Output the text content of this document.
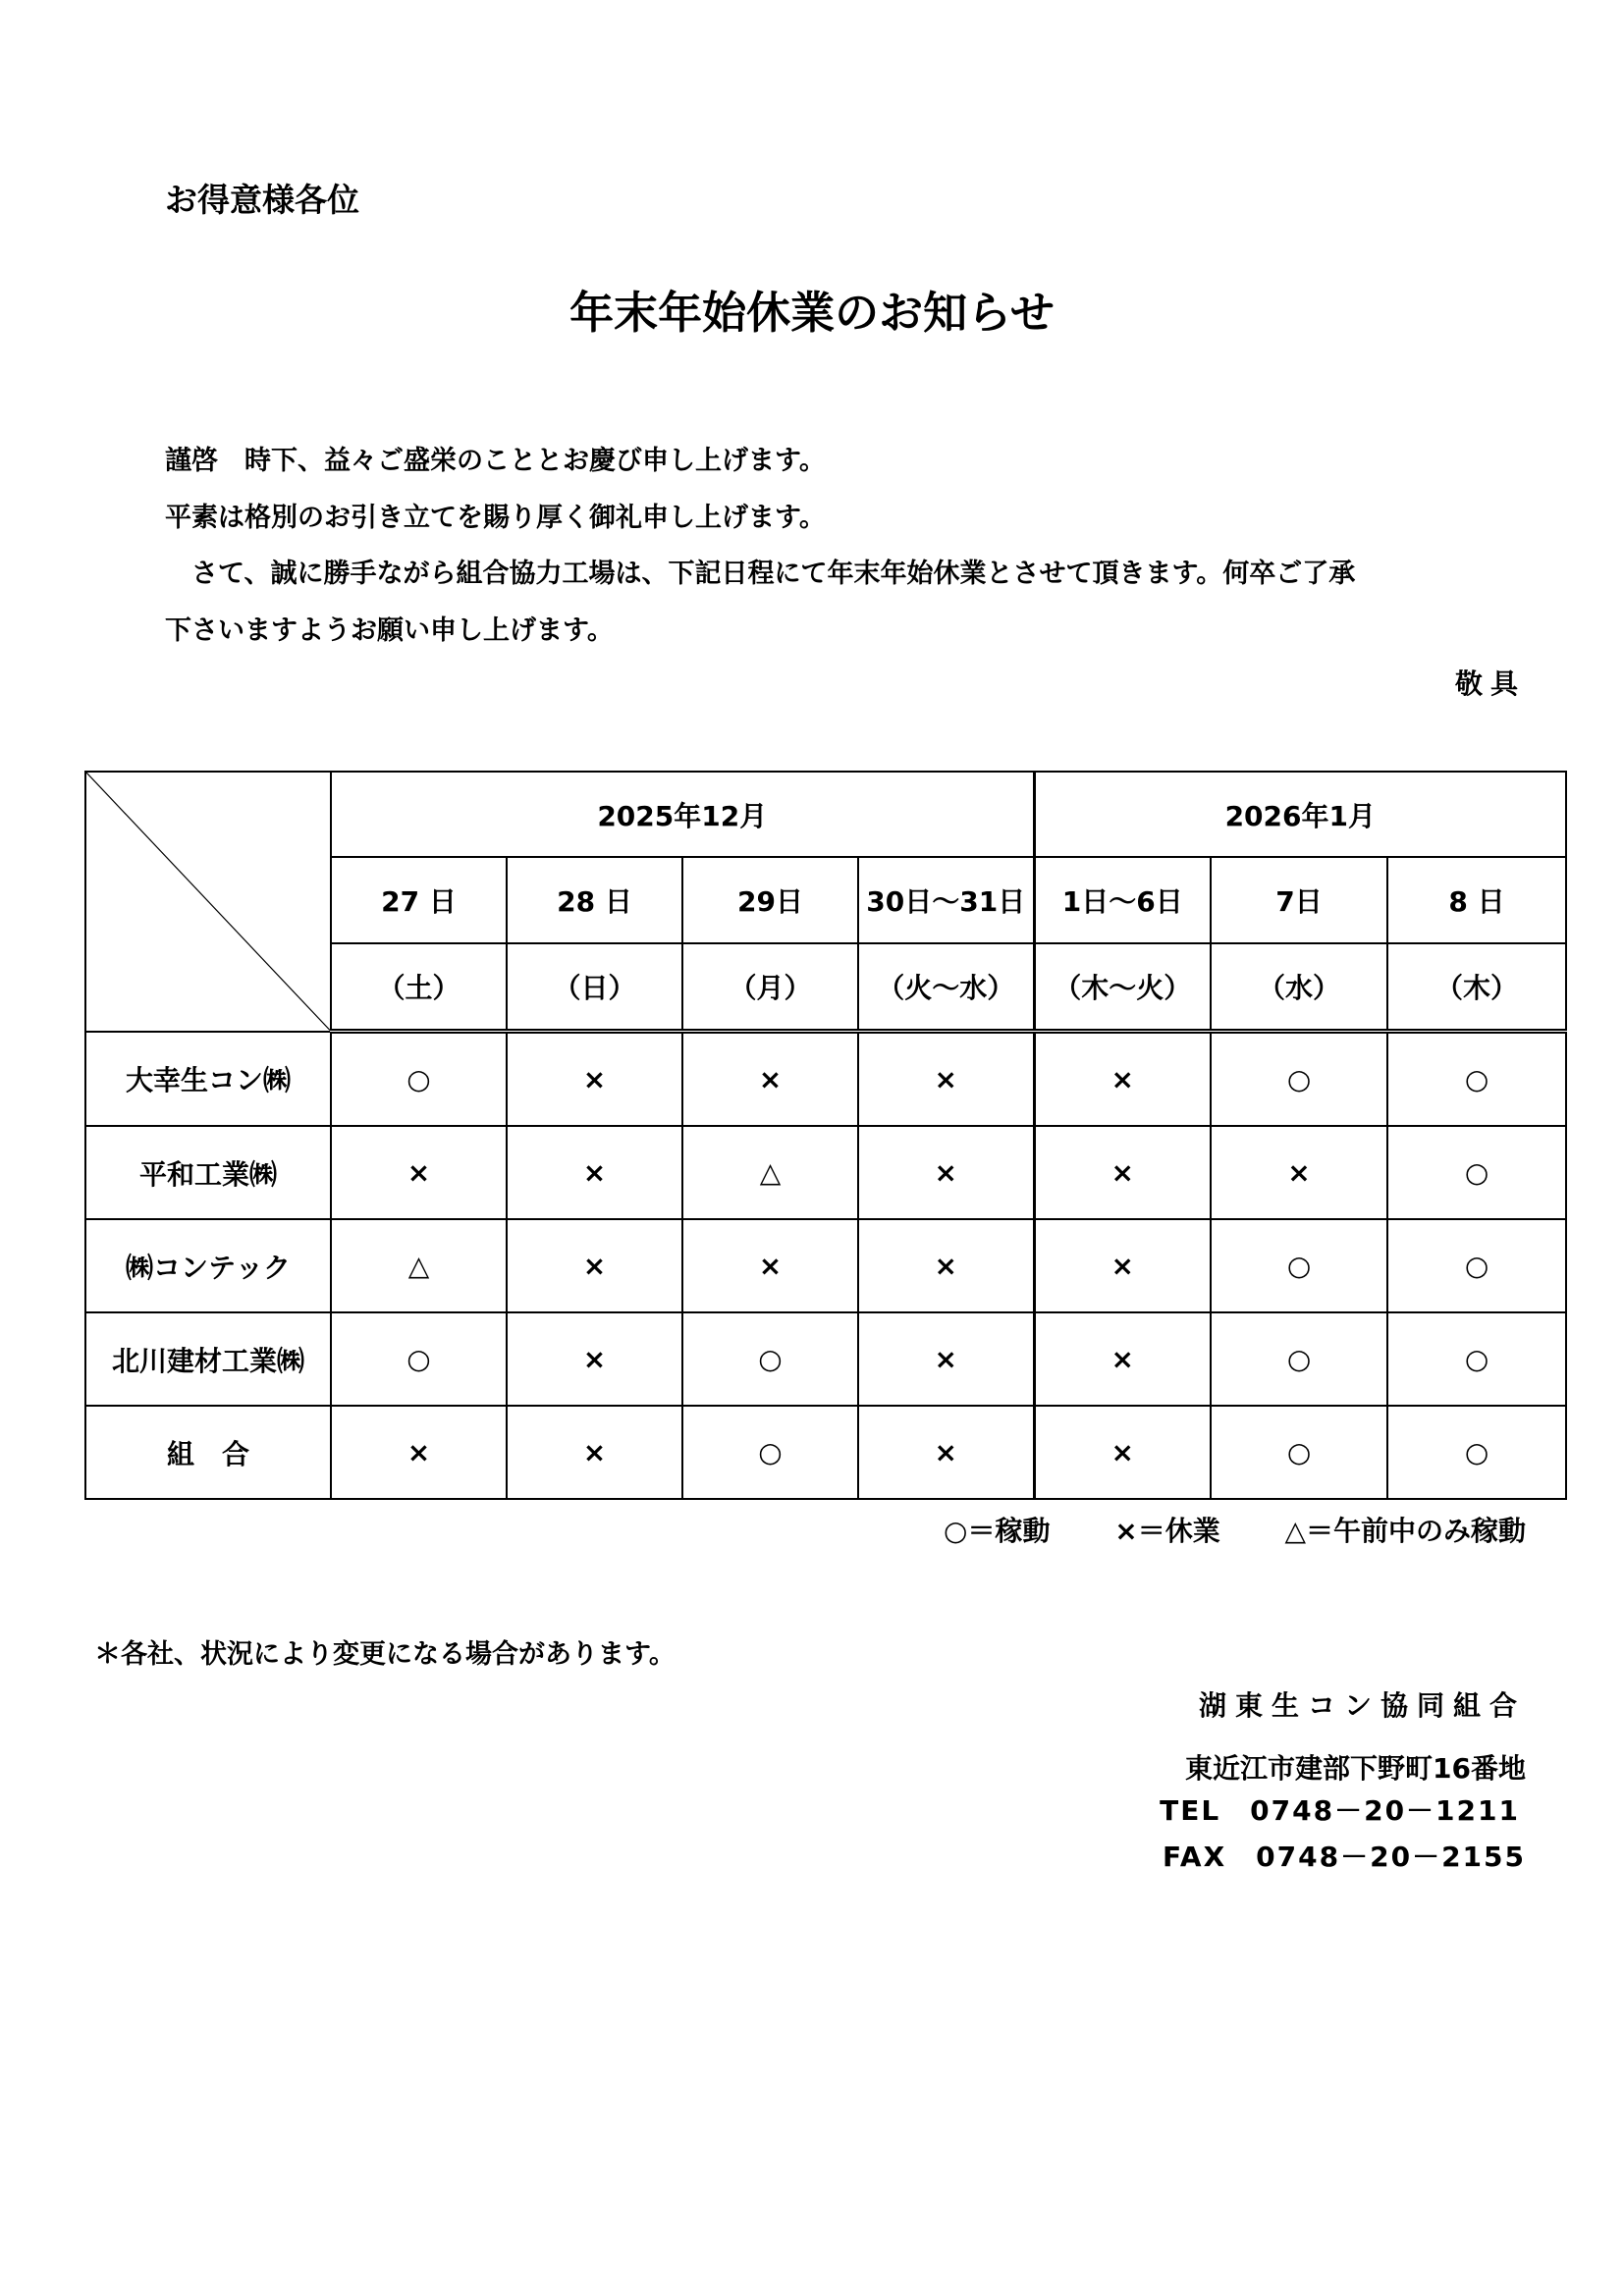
お得意様各位
年末年始休業のお知らせ
謹啓　時下、益々ご盛栄のこととお慶び申し上げます。
平素は格別のお引き立てを賜り厚く御礼申し上げます。
　さて、誠に勝手ながら組合協力工場は、下記日程にて年末年始休業とさせて頂きます。何卒ご了承
下さいますようお願い申し上げます。
敬具
	2025年12月				2026年1月		
	27 日	28 日	29日	30日～31日	1日～6日	7日	8 日
	（土）	（日）	（月）	（火～水）	（木～火）	（水）	（木）
大幸生コン㈱	○	×	×	×	×	○	○
平和工業㈱	×	×	△	×	×	×	○
㈱コンテック	△	×	×	×	×	○	○
北川建材工業㈱	○	×	○	×	×	○	○
組　合	×	×	○	×	×	○	○
○＝稼動 ×＝休業 △＝午前中のみ稼動
＊各社、状況により変更になる場合があります。
湖東生コン協同組合
東近江市建部下野町16番地
TEL　0748－20－1211
FAX　0748－20－2155
